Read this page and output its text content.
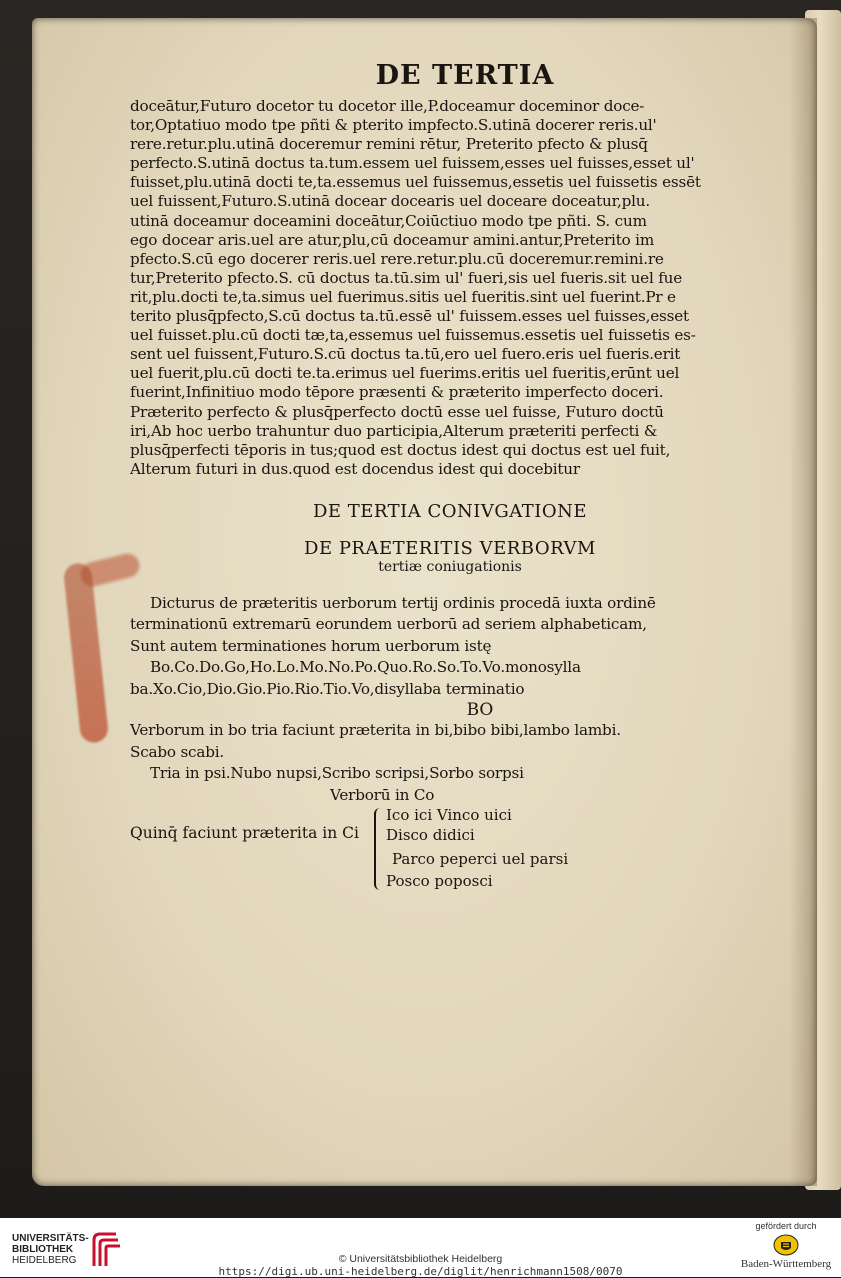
DE TERTIA
doceātur,Futuro docetor tu docetor ille,P.doceamur doceminor doce-
tor,Optatiuo modo tpe pñti & pterito impfecto.S.utinā docerer reris.ul'
rere.retur.plu.utinā doceremur remini rētur, Preterito pfecto & plusq̄
perfecto.S.utinā doctus ta.tum.essem uel fuissem,esses uel fuisses,esset ul'
fuisset,plu.utinā docti te,ta.essemus uel fuissemus,essetis uel fuissetis essēt
uel fuissent,Futuro.S.utinā docear docearis uel doceare doceatur,plu.
utinā doceamur doceamini doceātur,Coiūctiuo modo tpe pñti. S. cum
ego docear aris.uel are atur,plu,cū doceamur amini.antur,Preterito im
pfecto.S.cū ego docerer reris.uel rere.retur.plu.cū doceremur.remini.re
tur,Preterito pfecto.S. cū doctus ta.tū.sim ul' fueri,sis uel fueris.sit uel fue
rit,plu.docti te,ta.simus uel fuerimus.sitis uel fueritis.sint uel fuerint.Pr e
terito plusq̄pfecto,S.cū doctus ta.tū.essē ul' fuissem.esses uel fuisses,esset
uel fuisset.plu.cū docti tæ,ta,essemus uel fuissemus.essetis uel fuissetis es-
sent uel fuissent,Futuro.S.cū doctus ta.tū,ero uel fuero.eris uel fueris.erit
uel fuerit,plu.cū docti te.ta.erimus uel fuerims.eritis uel fueritis,erūnt uel
fuerint,Infinitiuo modo tēpore præsenti & præterito imperfecto doceri.
Præterito perfecto & plusq̄perfecto doctū esse uel fuisse, Futuro doctū
iri,Ab hoc uerbo trahuntur duo participia,Alterum præteriti perfecti &
plusq̄perfecti tēporis in tus;quod est doctus idest qui doctus est uel fuit,
Alterum futuri in dus.quod est docendus idest qui docebitur
DE TERTIA CONIVGATIONE
DE PRAETERITIS VERBORVM
tertiæ coniugationis
Dicturus de præteritis uerborum tertij ordinis procedā iuxta ordinē
terminationū extremarū eorundem uerborū ad seriem alphabeticam,
Sunt autem terminationes horum uerborum istę
Bo.Co.Do.Go,Ho.Lo.Mo.No.Po.Quo.Ro.So.To.Vo.monosylla
ba.Xo.Cio,Dio.Gio.Pio.Rio.Tio.Vo,disyllaba terminatio
BO
Verborum in bo tria faciunt præterita in bi,bibo bibi,lambo lambi.
Scabo scabi.
Tria in psi.Nubo nupsi,Scribo scripsi,Sorbo sorpsi
Verborū in Co
Quinq̄ faciunt præterita in Ci
Ico ici Vinco uici
Disco didici
Parco peperci uel parsi
Posco poposci
UNIVERSITÄTS-
BIBLIOTHEK
HEIDELBERG	© Universitätsbibliothek Heidelberg
https://digi.ub.uni-heidelberg.de/diglit/henrichmann1508/0070
gefördert durch
Baden-Württemberg
